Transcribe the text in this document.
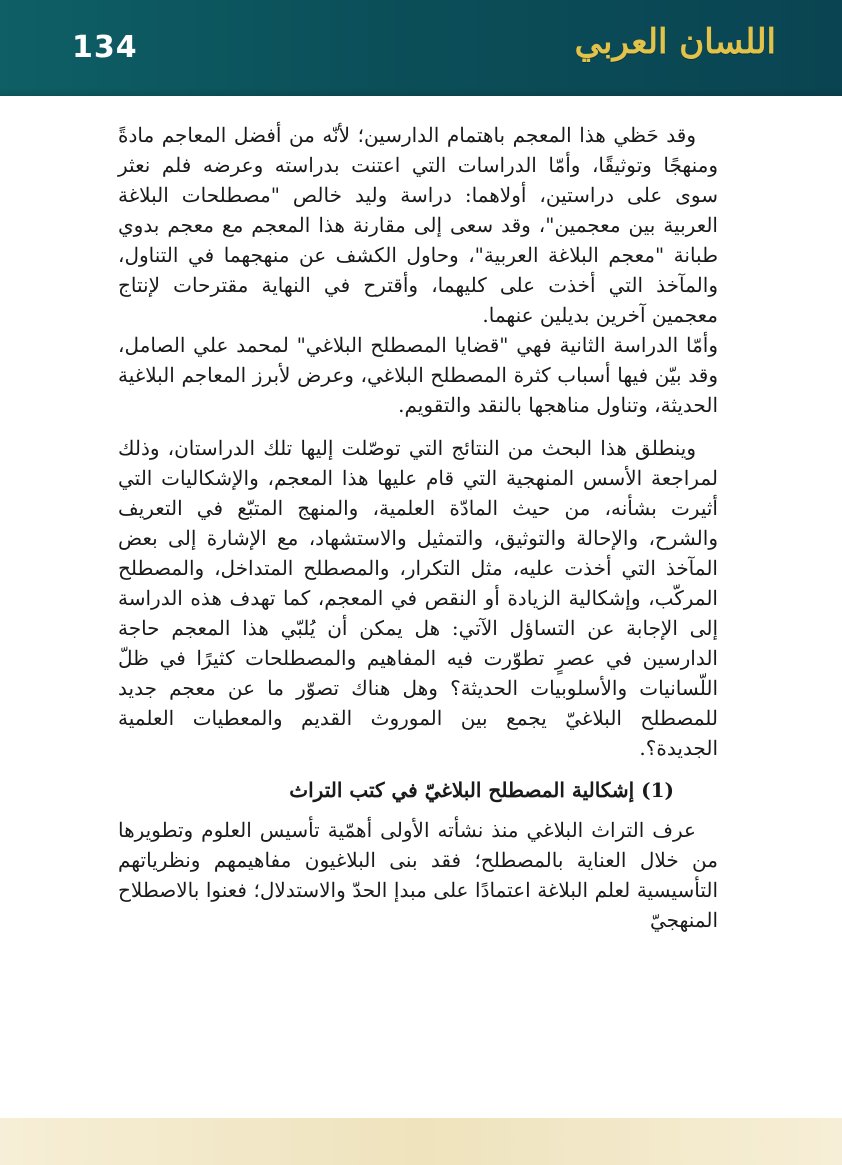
134	اللسان العربي

وقد حَظي هذا المعجم باهتمام الدارسين؛ لأنّه من أفضل المعاجم مادةً ومنهجًا وتوثيقًا، وأمّا الدراسات التي اعتنت بدراسته وعرضه فلم نعثر سوى على دراستين، أولاهما: دراسة وليد خالص "مصطلحات البلاغة العربية بين معجمين"، وقد سعى إلى مقارنة هذا المعجم مع معجم بدوي طبانة "معجم البلاغة العربية"، وحاول الكشف عن منهجهما في التناول، والمآخذ التي أخذت على كليهما، وأقترح في النهاية مقترحات لإنتاج معجمين آخرين بديلين عنهما.

وأمّا الدراسة الثانية فهي "قضايا المصطلح البلاغي" لمحمد علي الصامل، وقد بيّن فيها أسباب كثرة المصطلح البلاغي، وعرض لأبرز المعاجم البلاغية الحديثة، وتناول مناهجها بالنقد والتقويم.

وينطلق هذا البحث من النتائج التي توصّلت إليها تلك الدراستان، وذلك لمراجعة الأسس المنهجية التي قام عليها هذا المعجم، والإشكاليات التي أثيرت بشأنه، من حيث المادّة العلمية، والمنهج المتبّع في التعريف والشرح، والإحالة والتوثيق، والتمثيل والاستشهاد، مع الإشارة إلى بعض المآخذ التي أخذت عليه، مثل التكرار، والمصطلح المتداخل، والمصطلح المركّب، وإشكالية الزيادة أو النقص في المعجم، كما تهدف هذه الدراسة إلى الإجابة عن التساؤل الآتي: هل يمكن أن يُلبّي هذا المعجم حاجة الدارسين في عصرٍ تطوّرت فيه المفاهيم والمصطلحات كثيرًا في ظلّ اللّسانيات والأسلوبيات الحديثة؟ وهل هناك تصوّر ما عن معجم جديد للمصطلح البلاغيّ يجمع بين الموروث القديم والمعطيات العلمية الجديدة؟.

(1) إشكالية المصطلح البلاغيّ في كتب التراث

عرف التراث البلاغي منذ نشأته الأولى أهمّية تأسيس العلوم وتطويرها من خلال العناية بالمصطلح؛ فقد بنى البلاغيون مفاهيمهم ونظرياتهم التأسيسية لعلم البلاغة اعتمادًا على مبدإ الحدّ والاستدلال؛ فعنوا بالاصطلاح المنهجيّ
